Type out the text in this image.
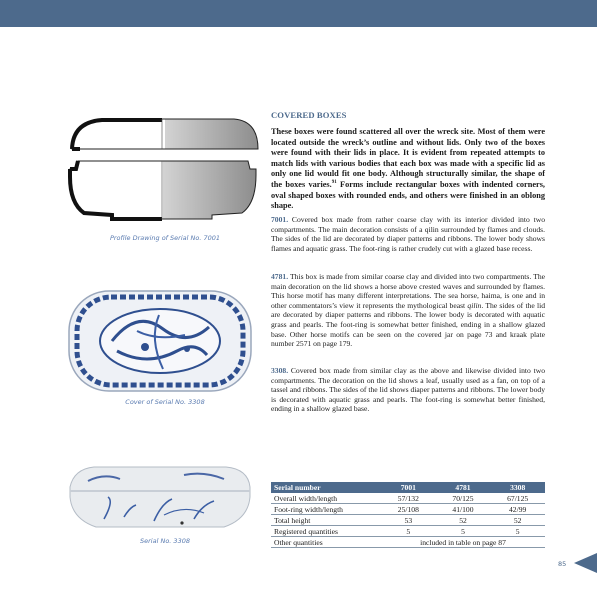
Profile Drawing of Serial No. 7001
Cover of Serial No. 3308
Serial No. 3308
COVERED BOXES

These boxes were found scattered all over the wreck site. Most of them were located outside the wreck’s outline and without lids. Only two of the boxes were found with their lids in place. It is evident from repeated attempts to match lids with various bodies that each box was made with a specific lid as only one lid would fit one body. Although structurally similar, the shape of the boxes varies.$^{91}$ Forms include rectangular boxes with indented corners, oval shaped boxes with rounded ends, and others were finished in an oblong shape.

7001. Covered box made from rather coarse clay with its interior divided into two compartments. The main decoration consists of a qilin surrounded by flames and clouds. The sides of the lid are decorated by diaper patterns and ribbons. The lower body shows flames and aquatic grass. The foot-ring is rather crudely cut with a glazed base recess.

4781. This box is made from similar coarse clay and divided into two compartments. The main decoration on the lid shows a horse above crested waves and surrounded by flames. This horse motif has many different interpretations. The sea horse, haima, is one and in other commentators’s view it represents the mythological beast qilin. The sides of the lid are decorated by diaper patterns and ribbons. The lower body is decorated with aquatic grass and pearls. The foot-ring is somewhat better finished, ending in a shallow glazed base. Other horse motifs can be seen on the covered jar on page 73 and kraak plate number 2571 on page 179.

3308. Covered box made from similar clay as the above and likewise divided into two compartments. The decoration on the lid shows a leaf, usually used as a fan, on top of a tassel and ribbons. The sides of the lid shows diaper patterns and ribbons. The lower body is decorated with aquatic grass and pearls. The foot-ring is somewhat better finished, ending in a shallow glazed base.

Serial number	7001	4781	3308
Overall width/length	57/132	70/125	67/125
Foot-ring width/length	25/108	41/100	42/99
Total height	53	52	52
Registered quantities	5	5	5
Other quantities	included in table on page 87		
85
